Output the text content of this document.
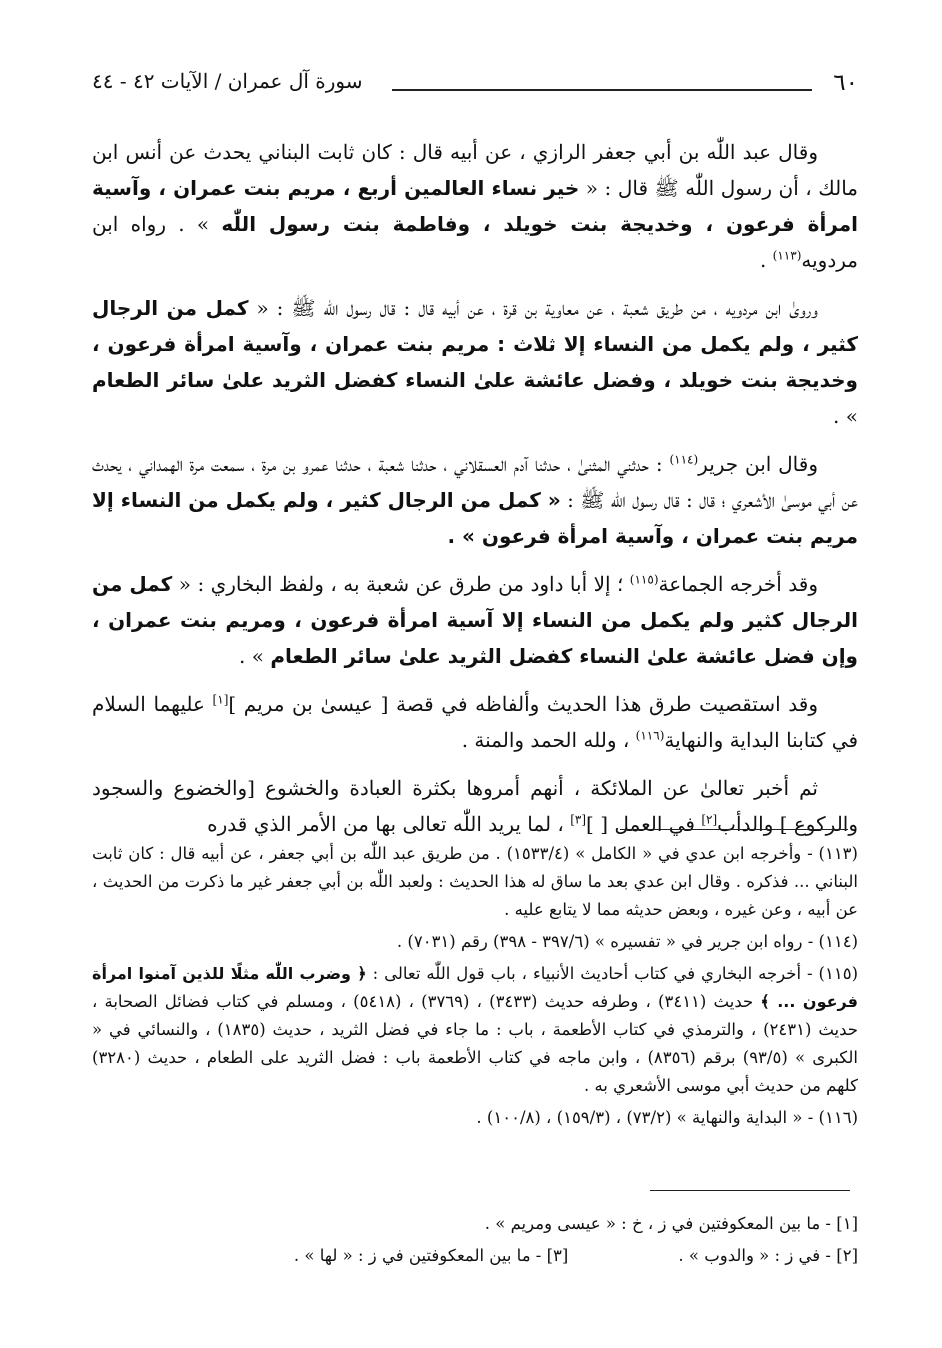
سورة آل عمران / الآيات ٤٢ - ٤٤	٦٠

وقال عبد اللّٰه بن أبي جعفر الرازي ، عن أبيه قال : كان ثابت البناني يحدث عن أنس ابن مالك ، أن رسول اللّٰه ﷺ قال : « خير نساء العالمين أربع ، مريم بنت عمران ، وآسية امرأة فرعون ، وخديجة بنت خويلد ، وفاطمة بنت رسول اللّٰه » . رواه ابن مردويه$^{(١١٣)}$ .

وروىٰ ابن مردويه ، من طريق شعبة ، عن معاوية بن قرة ، عن أبيه قال : قال رسول اللّٰه ﷺ : « كمل من الرجال كثير ، ولم يكمل من النساء إلا ثلاث : مريم بنت عمران ، وآسية امرأة فرعون ، وخديجة بنت خويلد ، وفضل عائشة علىٰ النساء كفضل الثريد علىٰ سائر الطعام » .

وقال ابن جرير$^{(١١٤)}$ : حدثني المثنىٰ ، حدثنا آدم العسقلاني ، حدثنا شعبة ، حدثنا عمرو بن مرة ، سمعت مرة الهمداني ، يحدث عن أبي موسىٰ الأشعري ؛ قال : قال رسول اللّٰه ﷺ : « كمل من الرجال كثير ، ولم يكمل من النساء إلا مريم بنت عمران ، وآسية امرأة فرعون » .

وقد أخرجه الجماعة$^{(١١٥)}$ ؛ إلا أبا داود من طرق عن شعبة به ، ولفظ البخاري : « كمل من الرجال كثير ولم يكمل من النساء إلا آسية امرأة فرعون ، ومريم بنت عمران ، وإن فضل عائشة علىٰ النساء كفضل الثريد علىٰ سائر الطعام » .

وقد استقصيت طرق هذا الحديث وألفاظه في قصة [ عيسىٰ بن مريم ][١] عليهما السلام في كتابنا البداية والنهاية$^{(١١٦)}$ ، ولله الحمد والمنة .

ثم أخبر تعالىٰ عن الملائكة ، أنهم أمروها بكثرة العبادة والخشوع [والخضوع والسجود والركوع ] والدأب[٢] في العمل [ ][٣] ، لما يريد اللّٰه تعالى بها من الأمر الذي قدره

(١١٣) - وأخرجه ابن عدي في « الكامل » (١٥٣٣/٤) . من طريق عبد اللّٰه بن أبي جعفر ، عن أبيه قال : كان ثابت البناني ... فذكره . وقال ابن عدي بعد ما ساق له هذا الحديث : ولعبد اللّٰه بن أبي جعفر غير ما ذكرت من الحديث ، عن أبيه ، وعن غيره ، وبعض حديثه مما لا يتابع عليه .
(١١٤) - رواه ابن جرير في « تفسيره » (٣٩٧/٦ - ٣٩٨) رقم (٧٠٣١) .
(١١٥) - أخرجه البخاري في كتاب أحاديث الأنبياء ، باب قول اللّٰه تعالى : ﴿ وضرب اللّٰه مثلًا للذين آمنوا امرأة فرعون ... ﴾ حديث (٣٤١١) ، وطرفه حديث (٣٤٣٣) ، (٣٧٦٩) ، (٥٤١٨) ، ومسلم في كتاب فضائل الصحابة ، حديث (٢٤٣١) ، والترمذي في كتاب الأطعمة ، باب : ما جاء في فضل الثريد ، حديث (١٨٣٥) ، والنسائي في « الكبرى » (٩٣/٥) برقم (٨٣٥٦) ، وابن ماجه في كتاب الأطعمة باب : فضل الثريد على الطعام ، حديث (٣٢٨٠) كلهم من حديث أبي موسى الأشعري به .
(١١٦) - « البداية والنهاية » (٧٣/٢) ، (١٥٩/٣) ، (١٠٠/٨) .
[١] - ما بين المعكوفتين في ز ، خ : « عيسى ومريم » .
[٢] - في ز : « والدوب » .
[٣] - ما بين المعكوفتين في ز : « لها » .
